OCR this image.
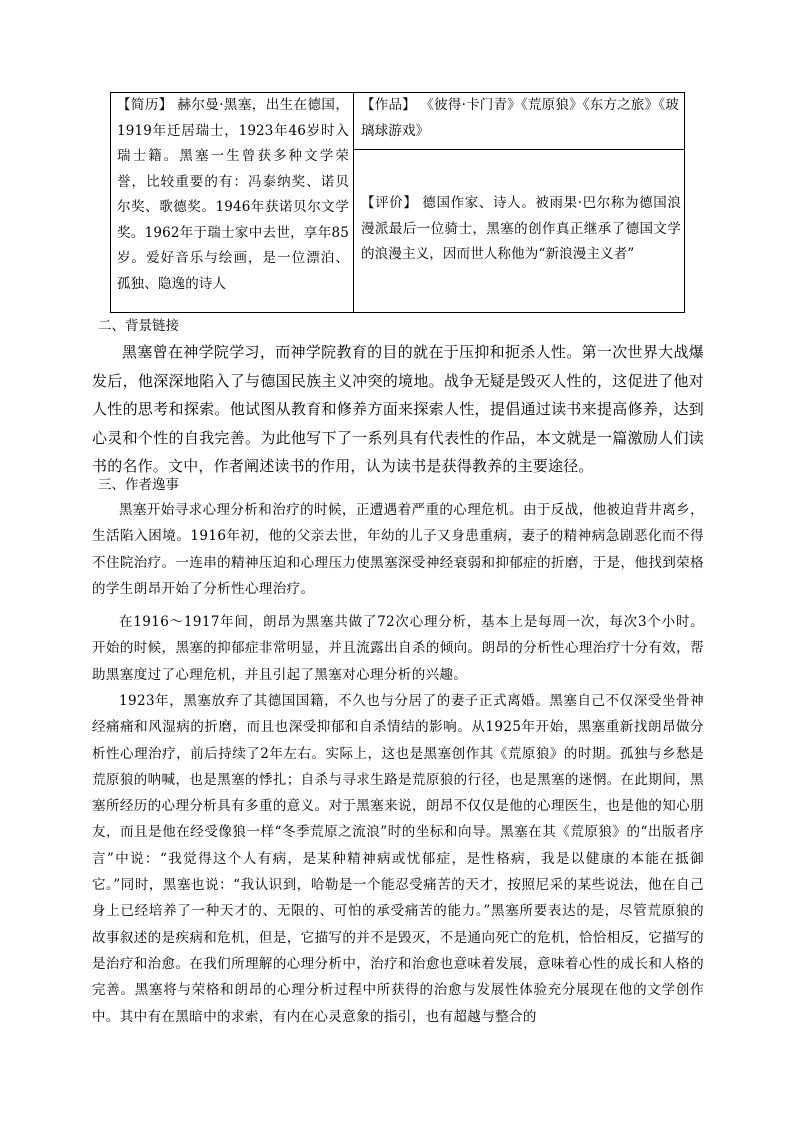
【简历】 赫尔曼·黑塞，出生在德国，1919年迁居瑞士，1923年46岁时入瑞士籍。黑塞一生曾获多种文学荣誉，比较重要的有：冯泰纳奖、诺贝尔奖、歌德奖。1946年获诺贝尔文学奖。1962年于瑞士家中去世，享年85岁。爱好音乐与绘画，是一位漂泊、孤独、隐逸的诗人
【作品】 《彼得·卡门青》《荒原狼》《东方之旅》《玻璃球游戏》
【评价】 德国作家、诗人。被雨果·巴尔称为德国浪漫派最后一位骑士，黑塞的创作真正继承了德国文学的浪漫主义，因而世人称他为“新浪漫主义者”
二、背景链接
黑塞曾在神学院学习，而神学院教育的目的就在于压抑和扼杀人性。第一次世界大战爆发后，他深深地陷入了与德国民族主义冲突的境地。战争无疑是毁灭人性的，这促进了他对人性的思考和探索。他试图从教育和修养方面来探索人性，提倡通过读书来提高修养，达到心灵和个性的自我完善。为此他写下了一系列具有代表性的作品，本文就是一篇激励人们读书的名作。文中，作者阐述读书的作用，认为读书是获得教养的主要途径。
三、作者逸事
黑塞开始寻求心理分析和治疗的时候，正遭遇着严重的心理危机。由于反战，他被迫背井离乡，生活陷入困境。1916年初，他的父亲去世，年幼的儿子又身患重病，妻子的精神病急剧恶化而不得不住院治疗。一连串的精神压迫和心理压力使黑塞深受神经衰弱和抑郁症的折磨，于是，他找到荣格的学生朗昂开始了分析性心理治疗。
在1916～1917年间，朗昂为黑塞共做了72次心理分析，基本上是每周一次，每次3个小时。开始的时候，黑塞的抑郁症非常明显，并且流露出自杀的倾向。朗昂的分析性心理治疗十分有效，帮助黑塞度过了心理危机，并且引起了黑塞对心理分析的兴趣。
1923年，黑塞放弃了其德国国籍，不久也与分居了的妻子正式离婚。黑塞自己不仅深受坐骨神经痛痛和风湿病的折磨，而且也深受抑郁和自杀情结的影响。从1925年开始，黑塞重新找朗昂做分析性心理治疗，前后持续了2年左右。实际上，这也是黑塞创作其《荒原狼》的时期。孤独与乡愁是荒原狼的呐喊，也是黑塞的悸扎；自杀与寻求生路是荒原狼的行径，也是黑塞的迷惘。在此期间，黑塞所经历的心理分析具有多重的意义。对于黑塞来说，朗昂不仅仅是他的心理医生，也是他的知心朋友，而且是他在经受像狼一样“冬季荒原之流浪”时的坐标和向导。黑塞在其《荒原狼》的“出版者序言”中说：“我觉得这个人有病，是某种精神病或忧郁症，是性格病，我是以健康的本能在抵御它。”同时，黑塞也说：“我认识到，哈勒是一个能忍受痛苦的天才，按照尼采的某些说法，他在自己身上已经培养了一种天才的、无限的、可怕的承受痛苦的能力。”黑塞所要表达的是，尽管荒原狼的故事叙述的是疾病和危机，但是，它描写的并不是毁灭，不是通向死亡的危机，恰恰相反，它描写的是治疗和治愈。在我们所理解的心理分析中，治疗和治愈也意味着发展，意味着心性的成长和人格的完善。黑塞将与荣格和朗昂的心理分析过程中所获得的治愈与发展性体验充分展现在他的文学创作中。其中有在黑暗中的求索，有内在心灵意象的指引，也有超越与整合的
